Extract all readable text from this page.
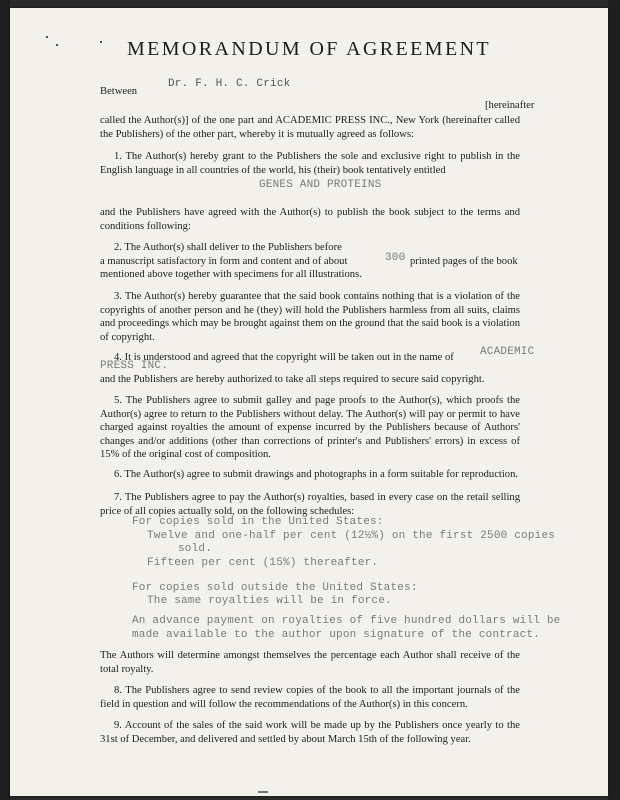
MEMORANDUM OF AGREEMENT
Between
Dr. F. H. C. Crick
[hereinafter
called the Author(s)] of the one part and ACADEMIC PRESS INC., New York (hereinafter called the Publishers) of the other part, whereby it is mutually agreed as follows:
1. The Author(s) hereby grant to the Publishers the sole and exclusive right to publish in the English language in all countries of the world, his (their) book tentatively entitled
GENES AND PROTEINS
and the Publishers have agreed with the Author(s) to publish the book subject to the terms and conditions following:
2. The Author(s) shall deliver to the Publishers before
a manuscript satisfactory in form and content and of about	300 printed pages of the book
mentioned above together with specimens for all illustrations.
3. The Author(s) hereby guarantee that the said book contains nothing that is a violation of the copyrights of another person and he (they) will hold the Publishers harmless from all suits, claims and proceedings which may be brought against them on the ground that the said book is a violation of copyright.
4. It is understood and agreed that the copyright will be taken out in the name of ACADEMIC
PRESS INC.
and the Publishers are hereby authorized to take all steps required to secure said copyright.
5. The Publishers agree to submit galley and page proofs to the Author(s), which proofs the Author(s) agree to return to the Publishers without delay. The Author(s) will pay or permit to have charged against royalties the amount of expense incurred by the Publishers because of Authors' changes and/or additions (other than corrections of printer's and Publishers' errors) in excess of 15% of the original cost of composition.
6. The Author(s) agree to submit drawings and photographs in a form suitable for reproduction.
7. The Publishers agree to pay the Author(s) royalties, based in every case on the retail selling price of all copies actually sold, on the following schedules:
For copies sold in the United States:
Twelve and one-half per cent (12½%) on the first 2500 copies
sold.
Fifteen per cent (15%) thereafter.
For copies sold outside the United States:
The same royalties will be in force.
An advance payment on royalties of five hundred dollars will be
made available to the author upon signature of the contract.
The Authors will determine amongst themselves the percentage each Author shall receive of the total royalty.
8. The Publishers agree to send review copies of the book to all the important journals of the field in question and will follow the recommendations of the Author(s) in this concern.
9. Account of the sales of the said work will be made up by the Publishers once yearly to the 31st of December, and delivered and settled by about March 15th of the following year.
